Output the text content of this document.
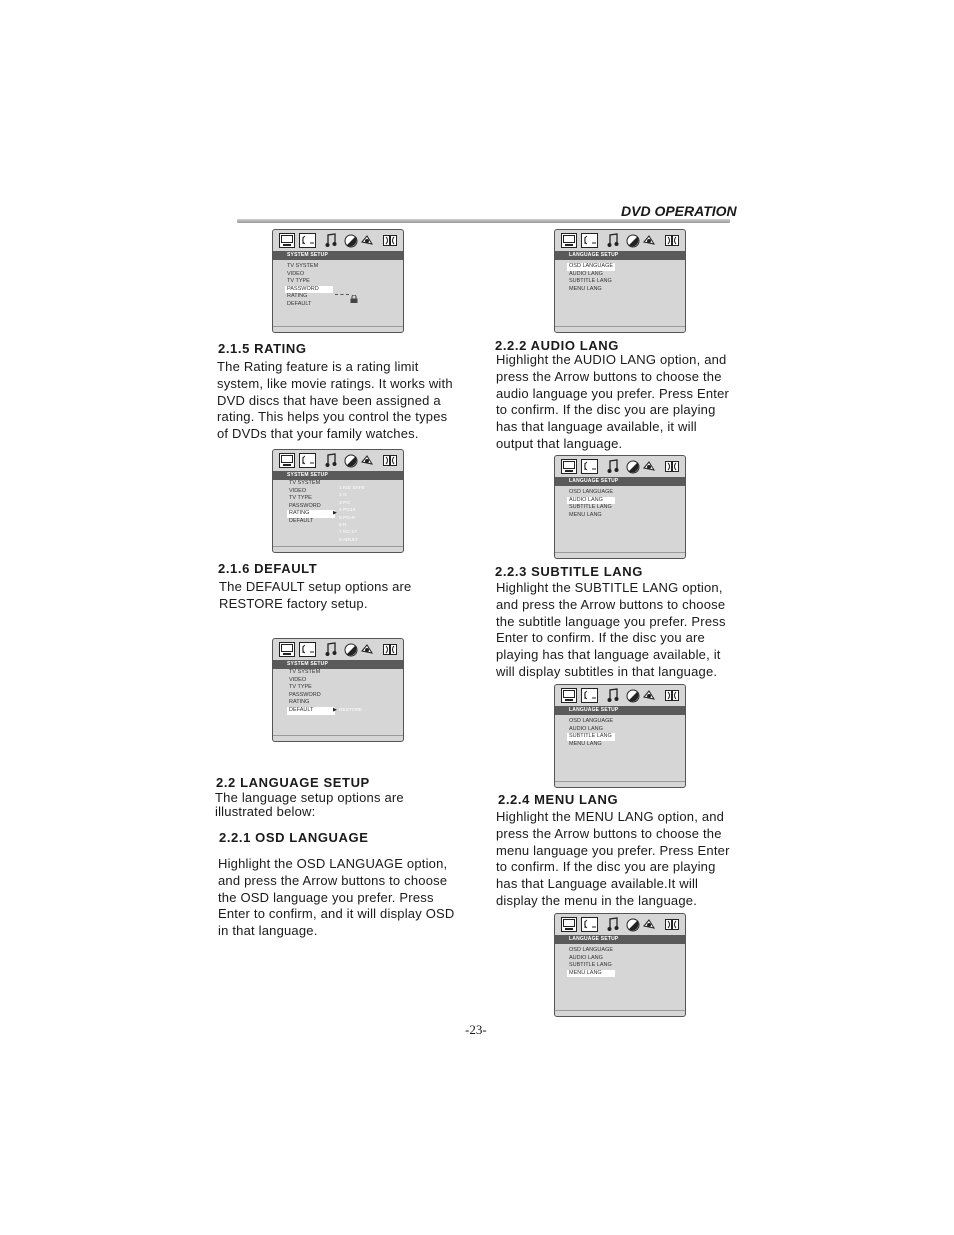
DVD OPERATION
SYSTEM SETUP
TV SYSTEM
VIDEO
TV TYPE
PASSWORD
RATING
DEFAULT
2.1.5 RATING
The Rating feature is a rating limit system, like movie ratings. It works with DVD discs that have been assigned a rating. This helps you control the types of DVDs that your family watches.
SYSTEM SETUP
TV SYSTEM
VIDEO
TV TYPE
PASSWORD
RATING
DEFAULT
▶
1 KID SAFE
2 G
3 PG
4 PG13
5 PG-R
6 R
7 NC-17
8 ADULT
2.1.6 DEFAULT
The DEFAULT setup options are RESTORE factory setup.
SYSTEM SETUP
TV SYSTEM
VIDEO
TV TYPE
PASSWORD
RATING
DEFAULT	▶ RESTORE
2.2 LANGUAGE SETUP
The language setup options are illustrated below:
2.2.1 OSD LANGUAGE
Highlight the OSD LANGUAGE option, and press the Arrow buttons to choose the OSD language you prefer. Press Enter to confirm, and it will display OSD in that language.
LANGUAGE SETUP
OSD LANGUAGE
AUDIO LANG
SUBTITLE LANG
MENU LANG
2.2.2 AUDIO LANG
Highlight the AUDIO LANG option, and press the Arrow buttons to choose the audio language you prefer. Press Enter to confirm. If the disc you are playing has that language available, it will output that language.
LANGUAGE SETUP
OSD LANGUAGE
AUDIO LANG
SUBTITLE LANG
MENU LANG
2.2.3 SUBTITLE LANG
Highlight the SUBTITLE LANG option, and press the Arrow buttons to choose the subtitle language you prefer. Press Enter to confirm. If the disc you are playing has that language available, it will display subtitles in that language.
LANGUAGE SETUP
OSD LANGUAGE
AUDIO LANG
SUBTITLE LANG
MENU LANG
2.2.4 MENU LANG
Highlight the MENU LANG option, and press the Arrow buttons to choose the menu language you prefer. Press Enter to confirm. If the disc you are playing has that Language available.It will display the menu in the language.
LANGUAGE SETUP
OSD LANGUAGE
AUDIO LANG
SUBTITLE LANG
MENU LANG
-23-
